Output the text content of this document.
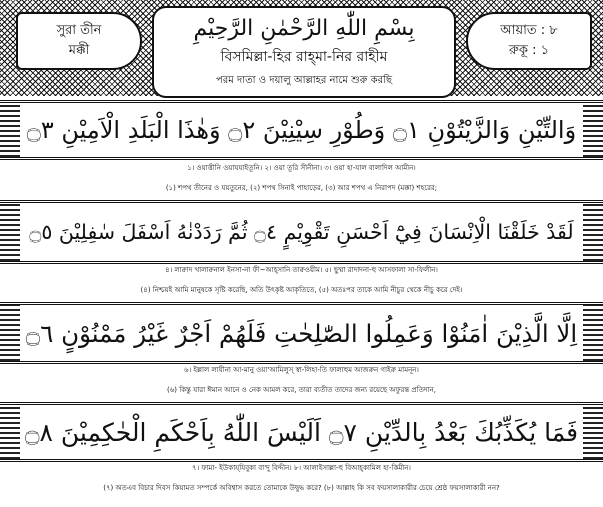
সুরা তীন
মক্কী
بِسْمِ اللّٰهِ الرَّحْمٰنِ الرَّحِيْمِ
বিসমিল্লা-হির রাহ্‌মা-নির রাহীম
পরম দাতা ও দয়ালু আল্লাহর নামে শুরু করছি
আয়াত : ৮
রুকূ : ১
وَالتِّيْنِ وَالزَّيْتُوْنِ ۝١ وَطُوْرِ سِيْنِيْنَ ۝٢ وَهٰذَا الْبَلَدِ الْاَمِيْنِ ۝٣
১। ওয়াত্তীনি ওয়াযযাইতূনি। ২। ওয়া তূরি সীনীনা। ৩। ওয়া হা-যাল বালাদিল আমীন।
(১) শপথ তীনের ও যয়তুনের, (২) শপথ সিনাই পাহাড়ের, (৩) আর শপথ এ নিরাপদ (মক্কা) শহরের;
لَقَدْ خَلَقْنَا الْاِنْسَانَ فِيْٓ اَحْسَنِ تَقْوِيْمٍ ۝٤ ثُمَّ رَدَدْنٰهُ اَسْفَلَ سٰفِلِيْنَ ۝٥
৪। লাক্বাদ খালাক্বনাল ইনসা-না ফী~আহ্‌সানি তাক্বওয়ীম। ৫। ছুম্মা রাদাদনা-হু আসফালা সা-ফিলীন।
(৪) নিশ্চয়ই আমি মানুষকে সৃষ্টি করেছি, অতি উৎকৃষ্ট আকৃতিতে, (৫) অতঃপর তাকে আমি নীচুর থেকে নীচু করে দেই।
اِلَّا الَّذِيْنَ اٰمَنُوْا وَعَمِلُوا الصّٰلِحٰتِ فَلَهُمْ اَجْرٌ غَيْرُ مَمْنُوْنٍ ۝٦
৬। ইল্লাল লাযীনা আ-মানু ওয়া'আমিলুস্‌ স্বা-লিহা-তি ফালাহুম আজরুন গাইরু মামনূন।
(৬) কিন্তু যারা ঈমান আনে ও নেক আমল করে, তারা ব্যতীত তাদের জন্য রয়েছে অফুরন্ত প্রতিদান,
فَمَا يُكَذِّبُكَ بَعْدُ بِالدِّيْنِ ۝٧ اَلَيْسَ اللّٰهُ بِاَحْكَمِ الْحٰكِمِيْنَ ۝٨
৭। ফামা- ইউকায্‌যিবুকা বা'দু বিদ্দীন। ৮। আলাইসাল্লা-হু বিআহ্‌কামিল হা-কিমীন।
(৭) অতএব বিচার দিবস কিয়ামত সম্পর্কে অবিশ্বাস করতে তোমাকে উদ্বুদ্ধ করে? (৮) আল্লাহ কি সব ফয়সালাকারীর চেয়ে শ্রেষ্ঠ ফয়সালাকারী নন?
